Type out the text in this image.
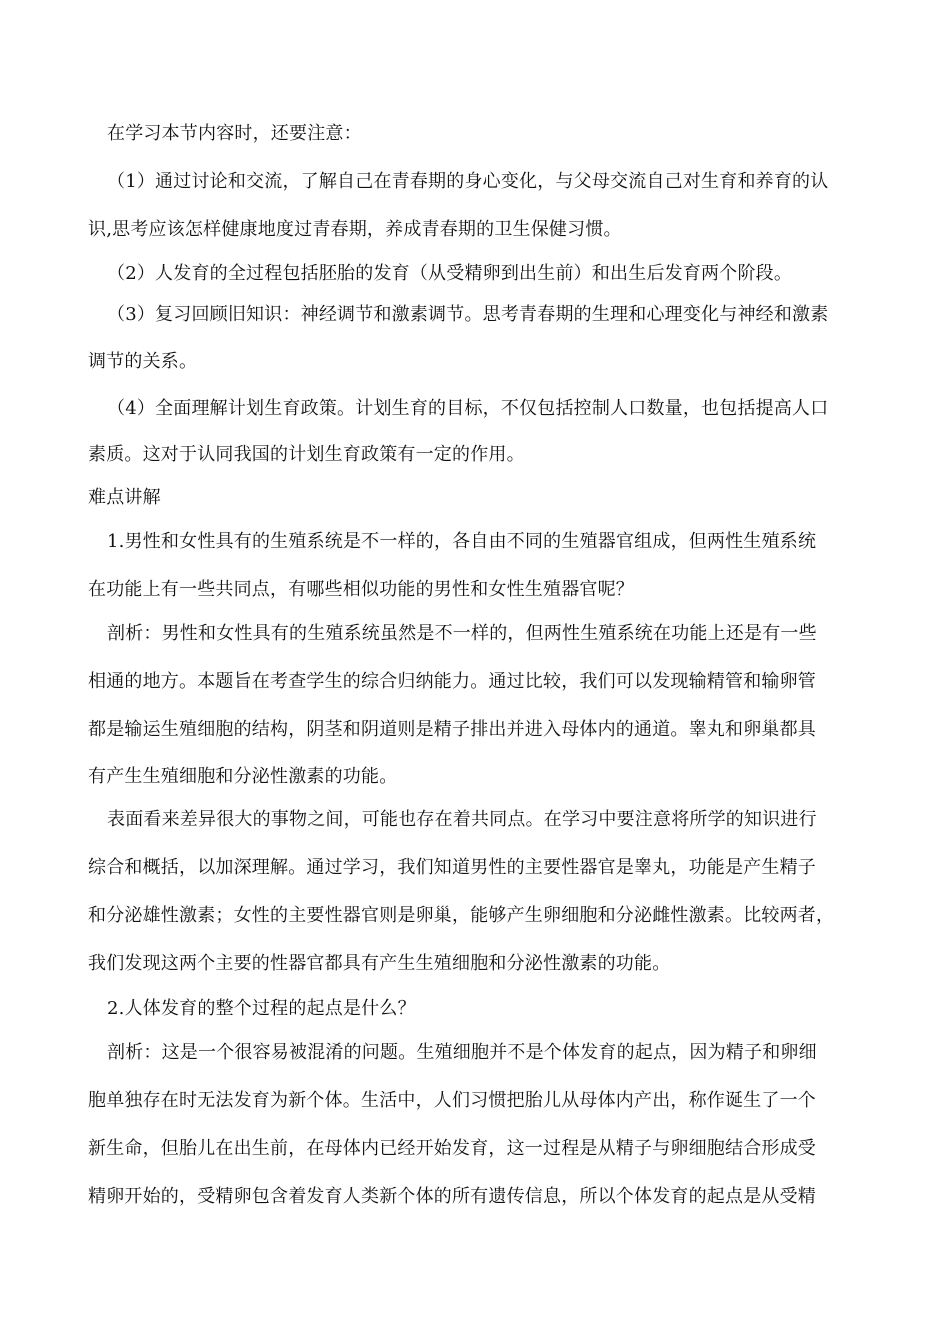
在学习本节内容时，还要注意：
（1）通过讨论和交流，了解自己在青春期的身心变化，与父母交流自己对生育和养育的认
识,思考应该怎样健康地度过青春期，养成青春期的卫生保健习惯。
（2）人发育的全过程包括胚胎的发育（从受精卵到出生前）和出生后发育两个阶段。
（3）复习回顾旧知识：神经调节和激素调节。思考青春期的生理和心理变化与神经和激素
调节的关系。
（4）全面理解计划生育政策。计划生育的目标，不仅包括控制人口数量，也包括提高人口
素质。这对于认同我国的计划生育政策有一定的作用。
难点讲解
1.男性和女性具有的生殖系统是不一样的，各自由不同的生殖器官组成，但两性生殖系统
在功能上有一些共同点，有哪些相似功能的男性和女性生殖器官呢？
剖析：男性和女性具有的生殖系统虽然是不一样的，但两性生殖系统在功能上还是有一些
相通的地方。本题旨在考查学生的综合归纳能力。通过比较，我们可以发现输精管和输卵管
都是输运生殖细胞的结构，阴茎和阴道则是精子排出并进入母体内的通道。睾丸和卵巢都具
有产生生殖细胞和分泌性激素的功能。
表面看来差异很大的事物之间，可能也存在着共同点。在学习中要注意将所学的知识进行
综合和概括，以加深理解。通过学习，我们知道男性的主要性器官是睾丸，功能是产生精子
和分泌雄性激素；女性的主要性器官则是卵巢，能够产生卵细胞和分泌雌性激素。比较两者，
我们发现这两个主要的性器官都具有产生生殖细胞和分泌性激素的功能。
2.人体发育的整个过程的起点是什么？
剖析：这是一个很容易被混淆的问题。生殖细胞并不是个体发育的起点，因为精子和卵细
胞单独存在时无法发育为新个体。生活中，人们习惯把胎儿从母体内产出，称作诞生了一个
新生命，但胎儿在出生前，在母体内已经开始发育，这一过程是从精子与卵细胞结合形成受
精卵开始的，受精卵包含着发育人类新个体的所有遗传信息，所以个体发育的起点是从受精
